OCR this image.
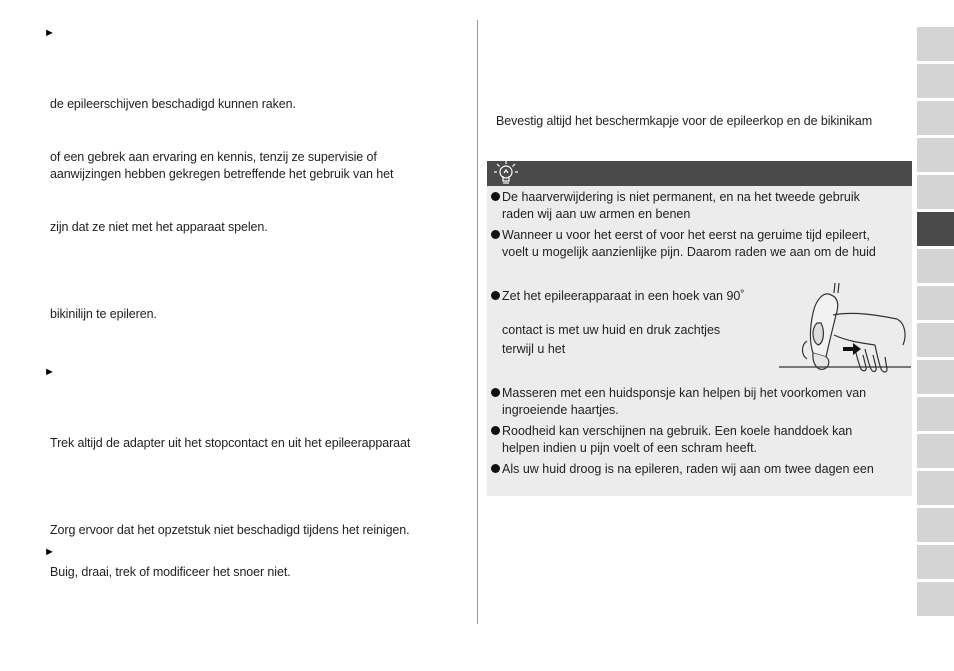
►
de epileerschijven beschadigd kunnen raken.
of een gebrek aan ervaring en kennis, tenzij ze supervisie of
aanwijzingen hebben gekregen betreffende het gebruik van het
zijn dat ze niet met het apparaat spelen.
bikinilijn te epileren.
►
Trek altijd de adapter uit het stopcontact en uit het epileerapparaat
Zorg ervoor dat het opzetstuk niet beschadigd tijdens het reinigen.
►
Buig, draai, trek of modificeer het snoer niet.
Bevestig altijd het beschermkapje voor de epileerkop en de bikinikam
De haarverwijdering is niet permanent, en na het tweede gebruik
raden wij aan uw armen en benen
Wanneer u voor het eerst of voor het eerst na geruime tijd epileert,
voelt u mogelijk aanzienlijke pijn. Daarom raden we aan om de huid
Zet het epileerapparaat in een hoek van 90˚
contact is met uw huid en druk zachtjes
terwijl u het
Masseren met een huidsponsje kan helpen bij het voorkomen van
ingroeiende haartjes.
Roodheid kan verschijnen na gebruik. Een koele handdoek kan
helpen indien u pijn voelt of een schram heeft.
Als uw huid droog is na epileren, raden wij aan om twee dagen een
